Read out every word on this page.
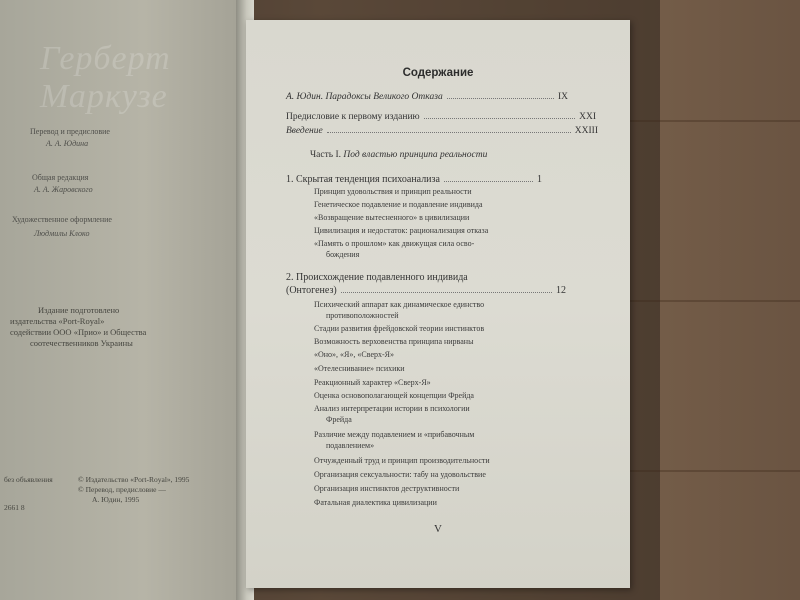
Герберт
Маркузе
Перевод и предисловие
А. А. Юдина
Общая редакция
А. А. Жаровского
Художественное оформление
Людмилы Клоко
Издание подготовлено
издательства «Port-Royal»
содействии ООО «Прио» и Общества
соотечественников Украины
без объявления
2661 8
© Издательство «Port-Royal», 1995
© Перевод, предисловие —
А. Юдин, 1995
Содержание
А. Юдин. Парадоксы Великого Отказа	IX
Предисловие к первому изданию	XXI
Введение	XXIII
Часть I.
Под властью принципа реальности
1. Скрытая тенденция психоанализа	1
Принцип удовольствия и принцип реальности
Генетическое подавление и подавление индивида
«Возвращение вытесненного» в цивилизации
Цивилизация и недостаток: рационализация отказа
«Память о прошлом» как движущая сила осво-
бождения
2. Происхождение подавленного индивида
(Онтогенез)	12
Психический аппарат как динамическое единство
противоположностей
Стадии развития фрейдовской теории инстинктов
Возможность верховенства принципа нирваны
«Оно», «Я», «Сверх-Я»
«Отелеснивание» психики
Реакционный характер «Сверх-Я»
Оценка основополагающей концепции Фрейда
Анализ интерпретации истории в психологии
Фрейда
Различие между подавлением и «прибавочным
подавлением»
Отчужденный труд и принцип производительности
Организация сексуальности: табу на удовольствие
Организация инстинктов деструктивности
Фатальная диалектика цивилизации
V
